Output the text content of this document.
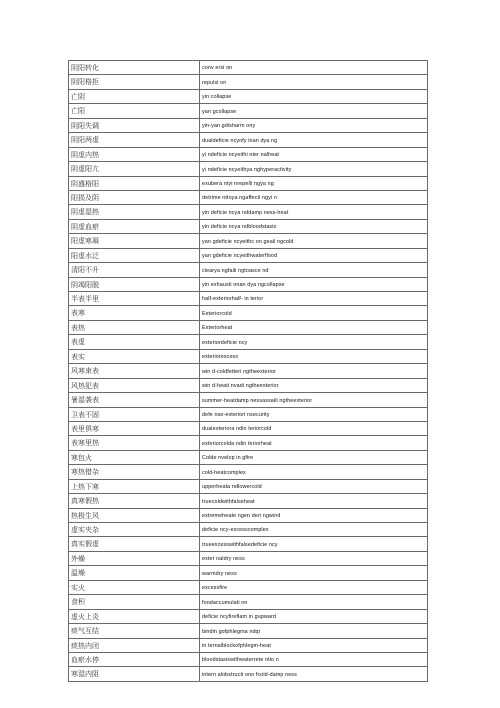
阴阳转化	conv ersi on
阴阳格拒	repulsi on
亡阴	yin collapse
亡阳	yan gcollapse
阴阳失调	yin-yan gdisharm ony
阴阳两虚	dualdeficie ncyofy inan dya ng
阴虚内热	yi ndeficie ncyeithi nter nalheat
阴虚阳亢	yi ndeficie ncyeithya nghyperactivity
阴盛格阳	exubera ntyi nrepelli ngya ng
阳损及阴	detrime nttoya ngaffecti ngyi n
阴虚湿热	yin deficie ncya nddamp ness-heat
阴虚血瘀	yin deficie ncya ndbloodstasis
阳虚寒凝	yan gdeficie ncyeithc on geali ngcold
阳虚水泛	yan gdeficie ncyeithwaterflood
清阳不升	clearya ngfaili ngtoasce nd
阴竭阳脱	yin exhausti onan dya ngcollapse
半表半里	half-exteriorhalf- in terior
表寒	Exteriorcold
表热	Exteriorheat
表虚	exteriordeficie ncy
表实	exteriorexcess
风寒束表	win d-coldfetteri ngtheexterior
风热犯表	win d-heati nvadi ngtheexterior
暑湿袭表	summer-heatdamp nessassaili ngtheexterior
卫表不固	defe nse-exteriori nsecurity
表里俱寒	dualexteriora ndin teriorcold
表寒里热	exteriorcolda ndin teriorheat
寒包火	Colde nvelop in gfire
寒热错杂	cold-heatcomplex
上热下寒	upperheata ndlowercold
真寒假热	truecoldwithfalseheat
热极生风	extremeheate ngen deri ngwind
虚实夹杂	deficie ncy-excesscomplex
真实假虚	trueexcesswithfalsedeficie ncy
外燥	exter naldry ness
温燥	warmdry ness
实火	excessfire
食积	foodaccumulati on
虚火上炎	deficie ncyfireflam in gupward
痰气互结	bindin gofphlegma ndqi
痰热内闭	in ternalblockofphlegm-heat
血瘀水停	bloodstasiswithwaterrete ntio n
寒湿内阻	intern alobstructi ono fcold-damp ness
